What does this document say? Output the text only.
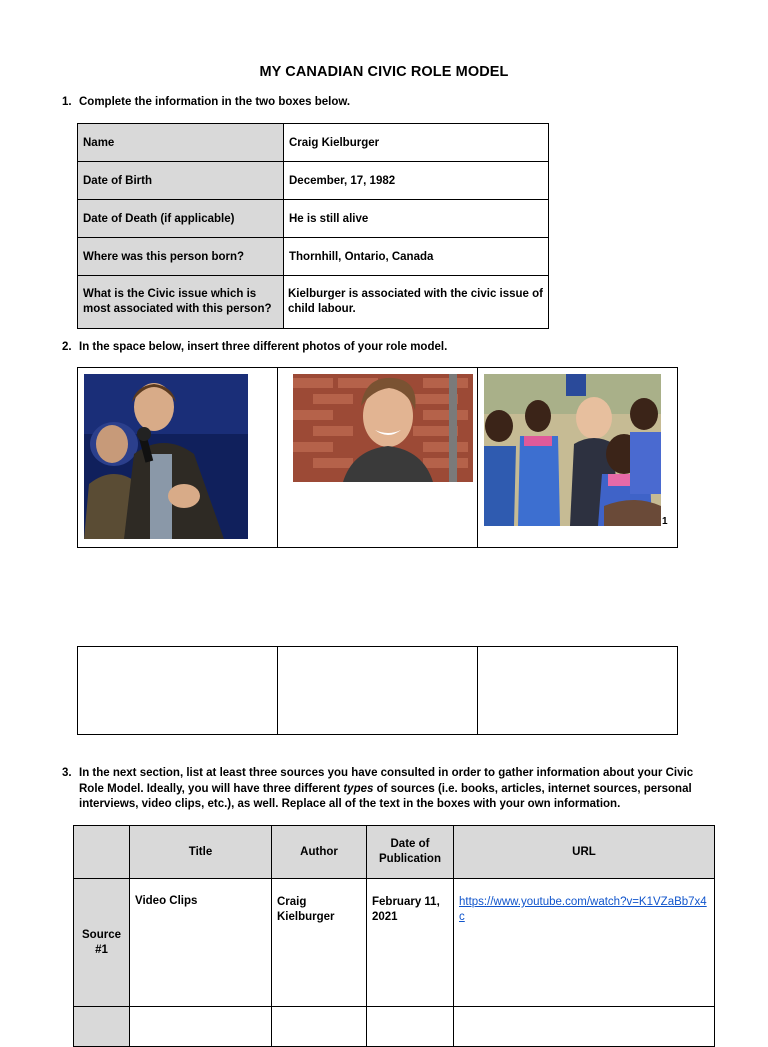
MY CANADIAN CIVIC ROLE MODEL
1. Complete the information in the two boxes below.
Name	Craig Kielburger
Date of Birth	December, 17, 1982
Date of Death (if applicable)	He is still alive
Where was this person born?	Thornhill, Ontario, Canada
What is the Civic issue which is most associated with this person?	Kielburger is associated with the civic issue of child labour.
2. In the space below, insert three different photos of your role model.

1

3. In the next section, list at least three sources you have consulted in order to gather information about your Civic
Role Model. Ideally, you will have three different types of sources (i.e. books, articles, internet sources, personal
interviews, video clips, etc.), as well. Replace all of the text in the boxes with your own information.
	Title	Author	Date of Publication	URL
Source #1	Video Clips	Craig Kielburger	February 11, 2021	https://www.youtube.com/watch?v=K1VZaBb7x4c
